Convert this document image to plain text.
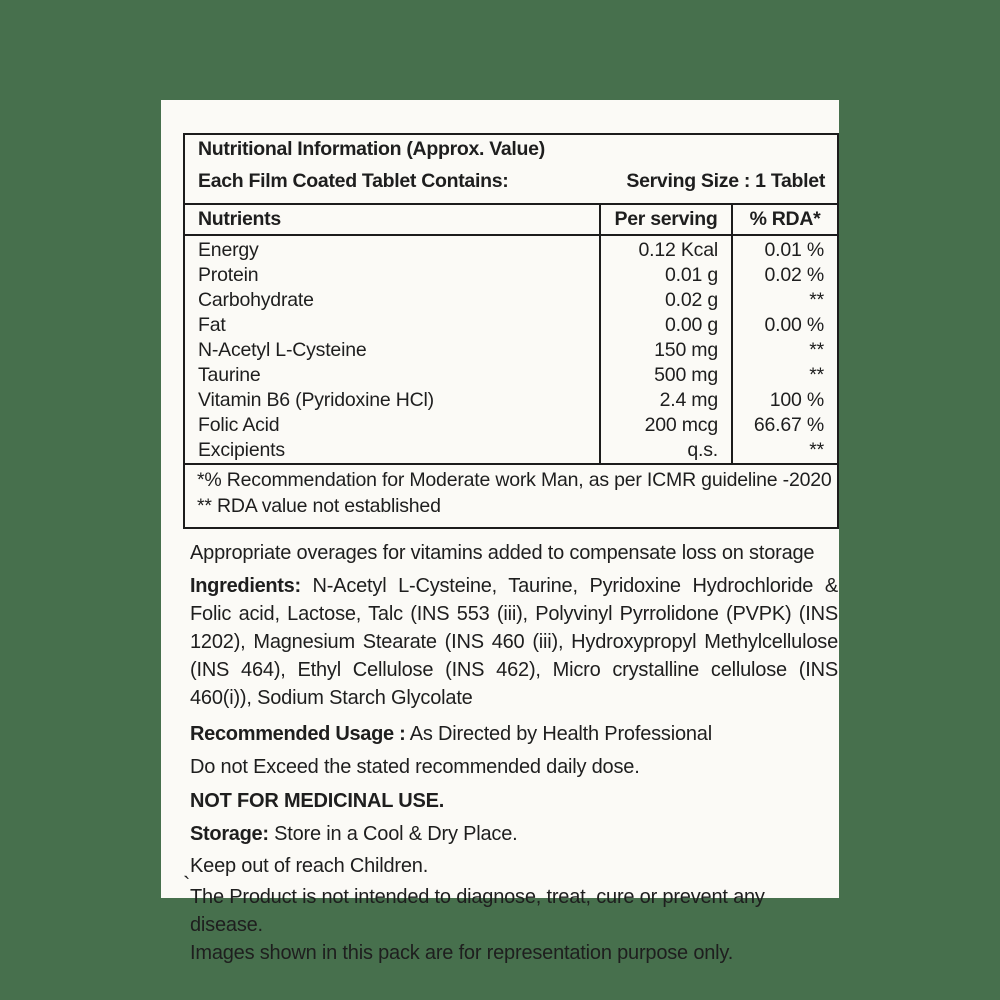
Nutritional Information (Approx. Value)
Each Film Coated Tablet Contains: Serving Size : 1 Tablet		

Nutrients	Per serving	% RDA*
Energy	0.12 Kcal	0.01 %
Protein	0.01 g	0.02 %
Carbohydrate	0.02 g	**
Fat	0.00 g	0.00 %
N-Acetyl L-Cysteine	150 mg	**
Taurine	500 mg	**
Vitamin B6 (Pyridoxine HCl)	2.4 mg	100 %
Folic Acid	200 mcg	66.67 %
Excipients	q.s.	**

*% Recommendation for Moderate work Man, as per ICMR guideline -2020
** RDA value not established		
Appropriate overages for vitamins added to compensate loss on storage
Ingredients: N-Acetyl L-Cysteine, Taurine, Pyridoxine Hydrochloride & Folic acid, Lactose, Talc (INS 553 (iii), Polyvinyl Pyrrolidone (PVPK) (INS 1202), Magnesium Stearate (INS 460 (iii), Hydroxypropyl Methylcellulose (INS 464), Ethyl Cellulose (INS 462), Micro crystalline cellulose (INS 460(i)), Sodium Starch Glycolate
Recommended Usage : As Directed by Health Professional
Do not Exceed the stated recommended daily dose.
NOT FOR MEDICINAL USE.
Storage: Store in a Cool & Dry Place.
Keep out of reach Children.
The Product is not intended to diagnose, treat, cure or prevent any disease.
Images shown in this pack are for representation purpose only.
`
